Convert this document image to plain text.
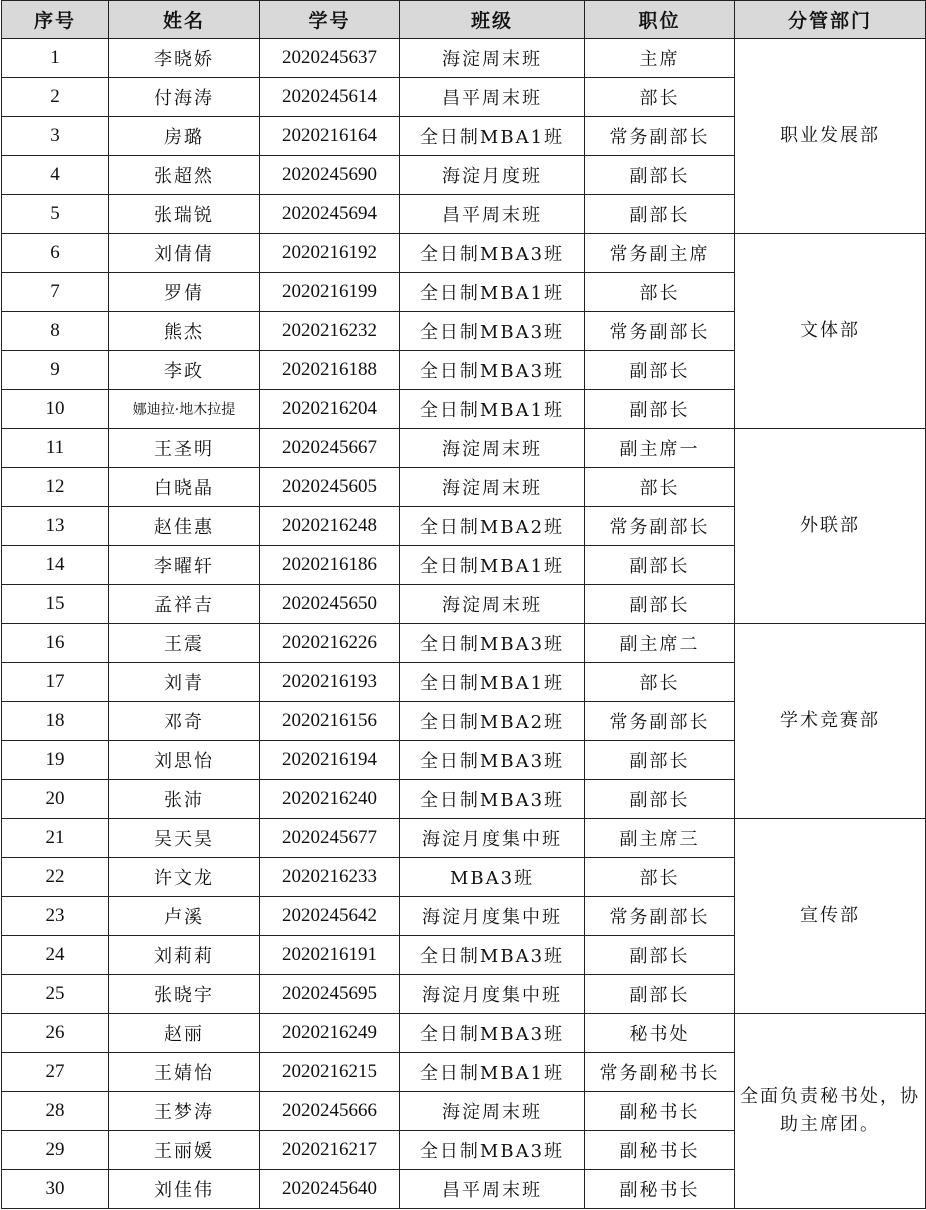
序号	姓名	学号	班级	职位	分管部门
1	李晓娇	2020245637	海淀周末班	主席	职业发展部
2	付海涛	2020245614	昌平周末班	部长	
3	房璐	2020216164	全日制MBA1班	常务副部长	
4	张超然	2020245690	海淀月度班	副部长	
5	张瑞锐	2020245694	昌平周末班	副部长	
6	刘倩倩	2020216192	全日制MBA3班	常务副主席	文体部
7	罗倩	2020216199	全日制MBA1班	部长	
8	熊杰	2020216232	全日制MBA3班	常务副部长	
9	李政	2020216188	全日制MBA3班	副部长	
10	娜迪拉·地木拉提	2020216204	全日制MBA1班	副部长	
11	王圣明	2020245667	海淀周末班	副主席一	外联部
12	白晓晶	2020245605	海淀周末班	部长	
13	赵佳惠	2020216248	全日制MBA2班	常务副部长	
14	李曜轩	2020216186	全日制MBA1班	副部长	
15	孟祥吉	2020245650	海淀周末班	副部长	
16	王震	2020216226	全日制MBA3班	副主席二	学术竞赛部
17	刘青	2020216193	全日制MBA1班	部长	
18	邓奇	2020216156	全日制MBA2班	常务副部长	
19	刘思怡	2020216194	全日制MBA3班	副部长	
20	张沛	2020216240	全日制MBA3班	副部长	
21	吴天昊	2020245677	海淀月度集中班	副主席三	宣传部
22	许文龙	2020216233	MBA3班	部长	
23	卢溪	2020245642	海淀月度集中班	常务副部长	
24	刘莉莉	2020216191	全日制MBA3班	副部长	
25	张晓宇	2020245695	海淀月度集中班	副部长	
26	赵丽	2020216249	全日制MBA3班	秘书处	全面负责秘书处，协助主席团。
27	王婧怡	2020216215	全日制MBA1班	常务副秘书长	
28	王梦涛	2020245666	海淀周末班	副秘书长	
29	王丽媛	2020216217	全日制MBA3班	副秘书长	
30	刘佳伟	2020245640	昌平周末班	副秘书长	
